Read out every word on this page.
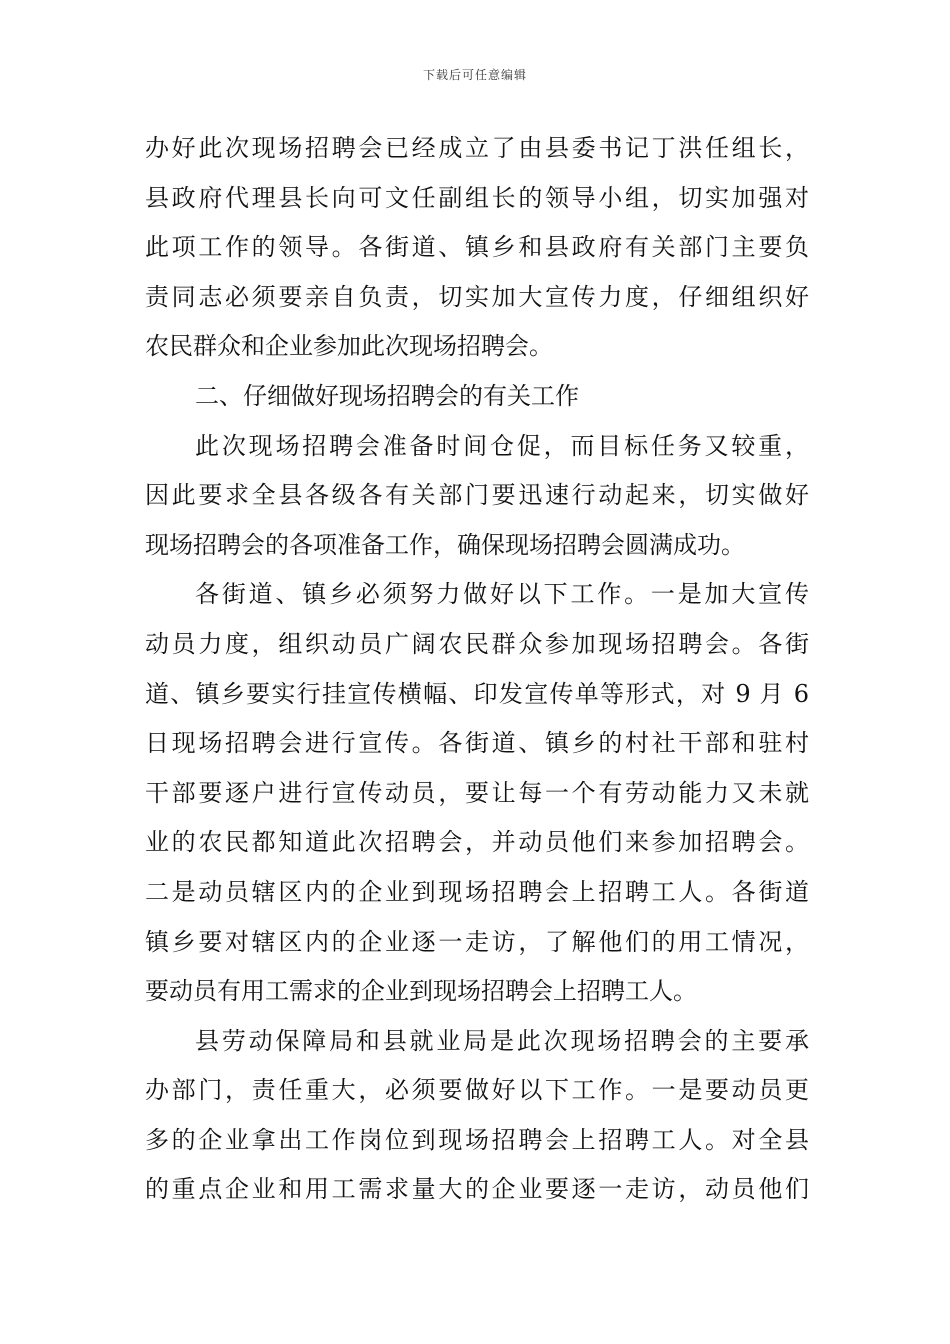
下载后可任意编辑
办好此次现场招聘会已经成立了由县委书记丁洪任组长，
县政府代理县长向可文任副组长的领导小组，切实加强对
此项工作的领导。各街道、镇乡和县政府有关部门主要负
责同志必须要亲自负责，切实加大宣传力度，仔细组织好
农民群众和企业参加此次现场招聘会。
二、仔细做好现场招聘会的有关工作
此次现场招聘会准备时间仓促，而目标任务又较重，
因此要求全县各级各有关部门要迅速行动起来，切实做好
现场招聘会的各项准备工作，确保现场招聘会圆满成功。
各街道、镇乡必须努力做好以下工作。一是加大宣传
动员力度，组织动员广阔农民群众参加现场招聘会。各街
道、镇乡要实行挂宣传横幅、印发宣传单等形式，对 9 月 6
日现场招聘会进行宣传。各街道、镇乡的村社干部和驻村
干部要逐户进行宣传动员，要让每一个有劳动能力又未就
业的农民都知道此次招聘会，并动员他们来参加招聘会。
二是动员辖区内的企业到现场招聘会上招聘工人。各街道
镇乡要对辖区内的企业逐一走访，了解他们的用工情况，
要动员有用工需求的企业到现场招聘会上招聘工人。
县劳动保障局和县就业局是此次现场招聘会的主要承
办部门，责任重大，必须要做好以下工作。一是要动员更
多的企业拿出工作岗位到现场招聘会上招聘工人。对全县
的重点企业和用工需求量大的企业要逐一走访，动员他们
